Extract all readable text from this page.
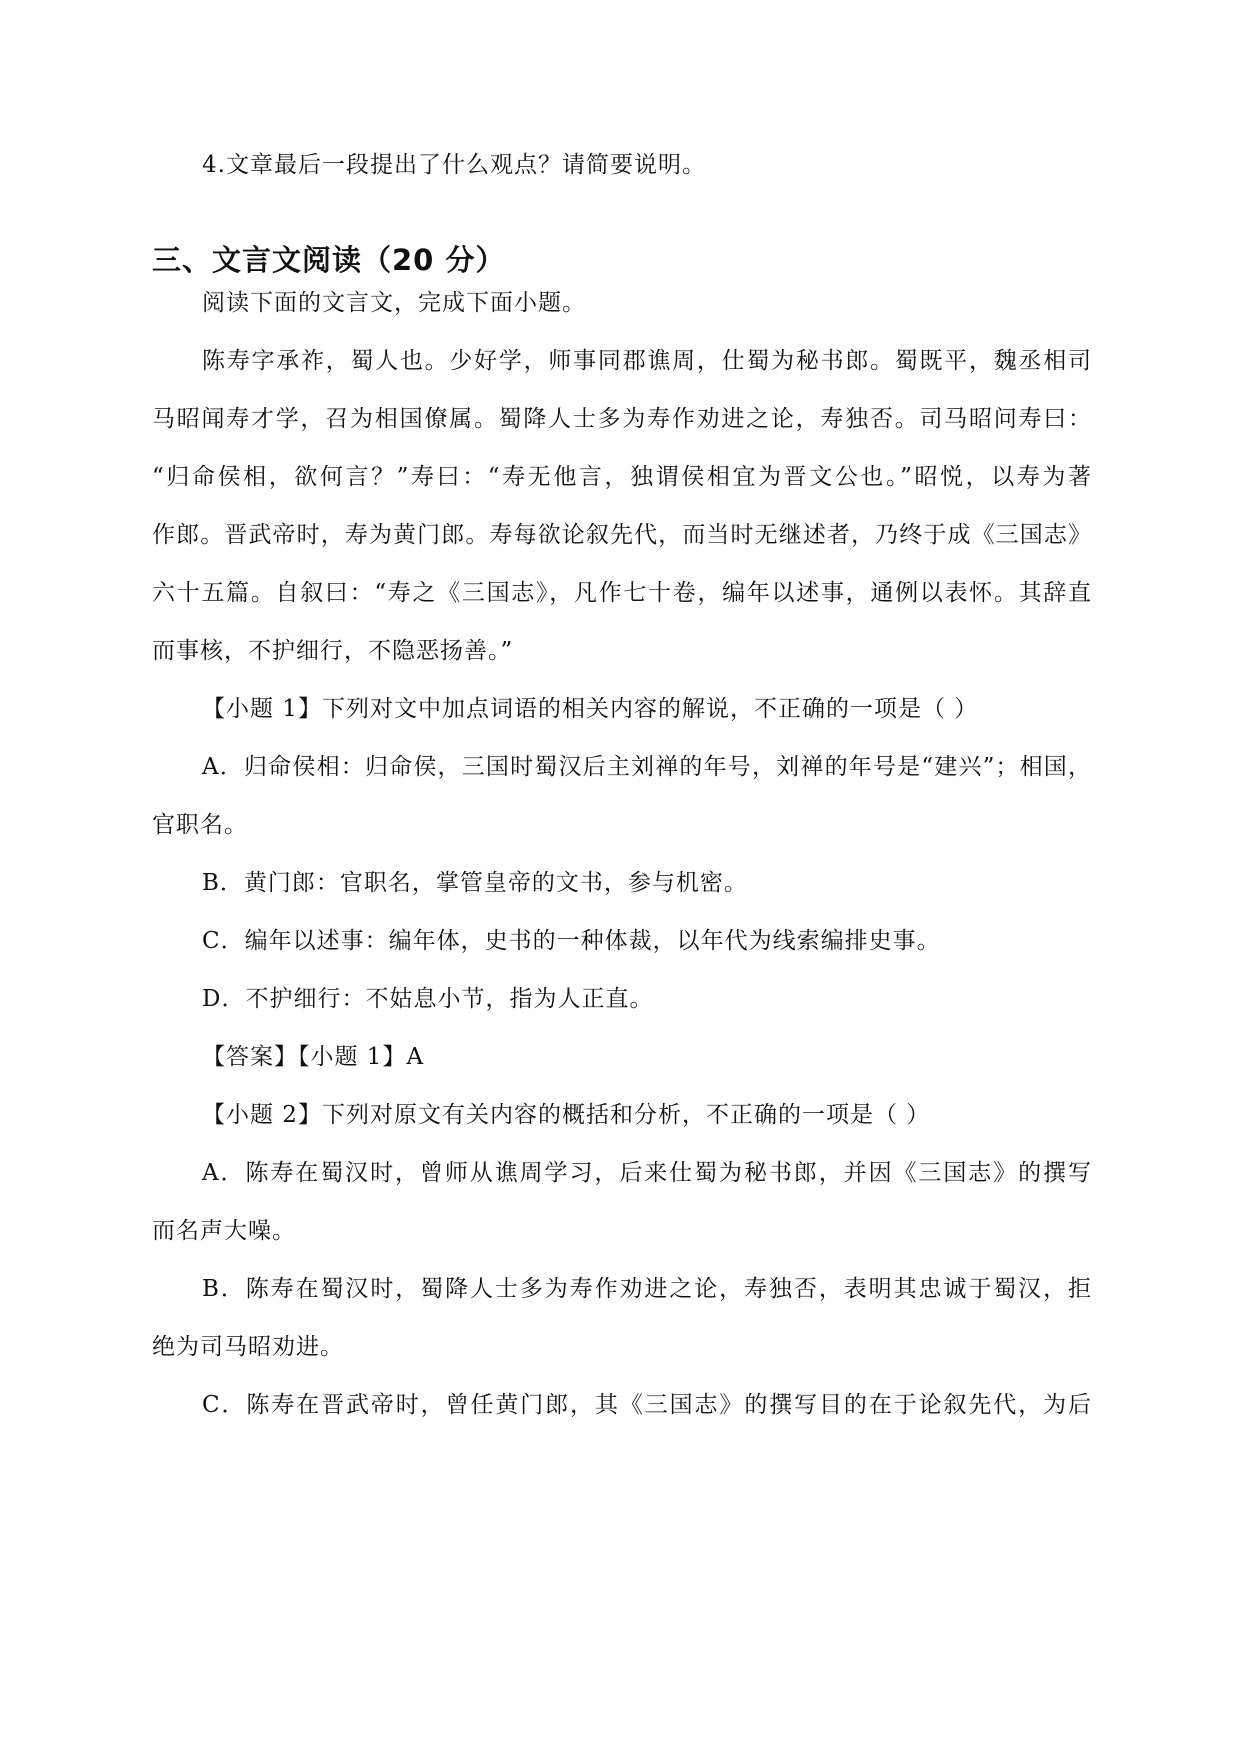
4.文章最后一段提出了什么观点？请简要说明。
三、文言文阅读（20 分）
阅读下面的文言文，完成下面小题。
陈寿字承祚，蜀人也。少好学，师事同郡谯周，仕蜀为秘书郎。蜀既平，魏丞相司
马昭闻寿才学，召为相国僚属。蜀降人士多为寿作劝进之论，寿独否。司马昭问寿曰：
“归命侯相，欲何言？”寿曰：“寿无他言，独谓侯相宜为晋文公也。”昭悦，以寿为著
作郎。晋武帝时，寿为黄门郎。寿每欲论叙先代，而当时无继述者，乃终于成《三国志》
六十五篇。自叙曰：“寿之《三国志》，凡作七十卷，编年以述事，通例以表怀。其辞直
而事核，不护细行，不隐恶扬善。”
【小题 1】下列对文中加点词语的相关内容的解说，不正确的一项是（ ）
A．归命侯相：归命侯，三国时蜀汉后主刘禅的年号，刘禅的年号是“建兴”；相国，
官职名。
B．黄门郎：官职名，掌管皇帝的文书，参与机密。
C．编年以述事：编年体，史书的一种体裁，以年代为线索编排史事。
D．不护细行：不姑息小节，指为人正直。
【答案】【小题 1】A
【小题 2】下列对原文有关内容的概括和分析，不正确的一项是（ ）
A．陈寿在蜀汉时，曾师从谯周学习，后来仕蜀为秘书郎，并因《三国志》的撰写
而名声大噪。
B．陈寿在蜀汉时，蜀降人士多为寿作劝进之论，寿独否，表明其忠诚于蜀汉，拒
绝为司马昭劝进。
C．陈寿在晋武帝时，曾任黄门郎，其《三国志》的撰写目的在于论叙先代，为后
